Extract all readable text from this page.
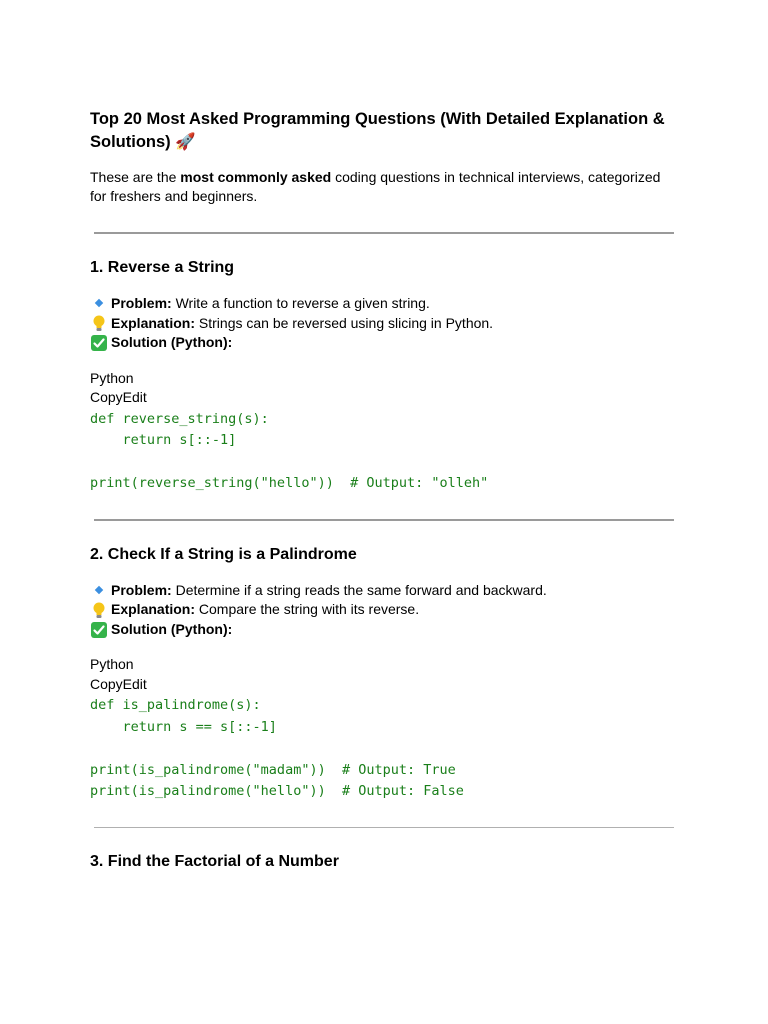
Top 20 Most Asked Programming Questions (With Detailed Explanation & Solutions) 🚀
These are the most commonly asked coding questions in technical interviews, categorized for freshers and beginners.
1. Reverse a String
Problem: Write a function to reverse a given string.
Explanation: Strings can be reversed using slicing in Python.
Solution (Python):
Python
CopyEdit
def reverse_string(s):
return s[::-1]

print(reverse_string("hello"))  # Output: "olleh"
2. Check If a String is a Palindrome
Problem: Determine if a string reads the same forward and backward.
Explanation: Compare the string with its reverse.
Solution (Python):
Python
CopyEdit
def is_palindrome(s):
return s == s[::-1]

print(is_palindrome("madam"))  # Output: True
print(is_palindrome("hello"))  # Output: False
3. Find the Factorial of a Number
